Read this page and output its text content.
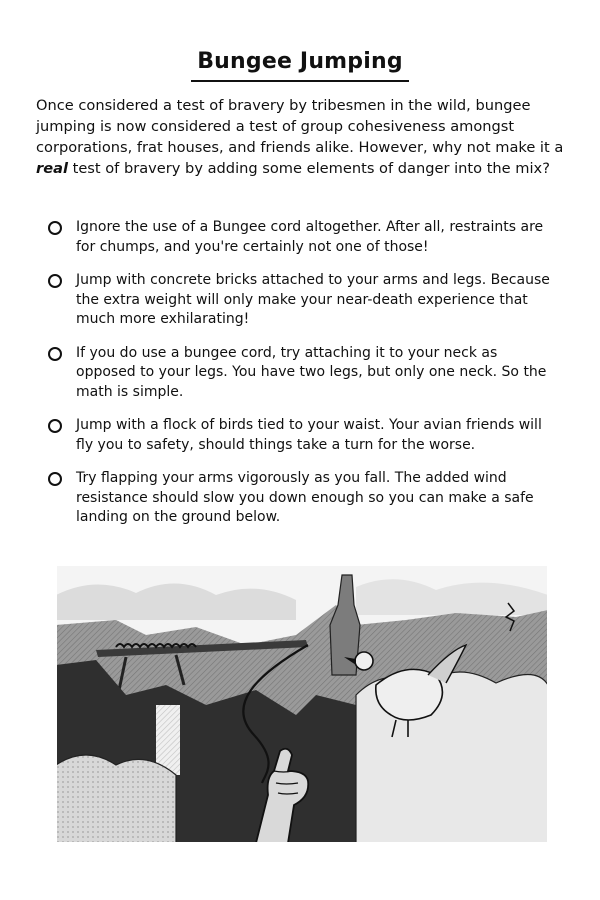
Bungee Jumping

Once considered a test of bravery by tribesmen in the wild, bungee jumping is now considered a test of group cohesiveness amongst corporations, frat houses, and friends alike. However, why not make it a real test of bravery by adding some elements of danger into the mix?

Ignore the use of a Bungee cord altogether. After all, restraints are for chumps, and you're certainly not one of those!
Jump with concrete bricks attached to your arms and legs. Because the extra weight will only make your near-death experience that much more exhilarating!
If you do use a bungee cord, try attaching it to your neck as opposed to your legs. You have two legs, but only one neck. So the math is simple.
Jump with a flock of birds tied to your waist. Your avian friends will fly you to safety, should things take a turn for the worse.
Try flapping your arms vigorously as you fall. The added wind resistance should slow you down enough so you can make a safe landing on the ground below.
